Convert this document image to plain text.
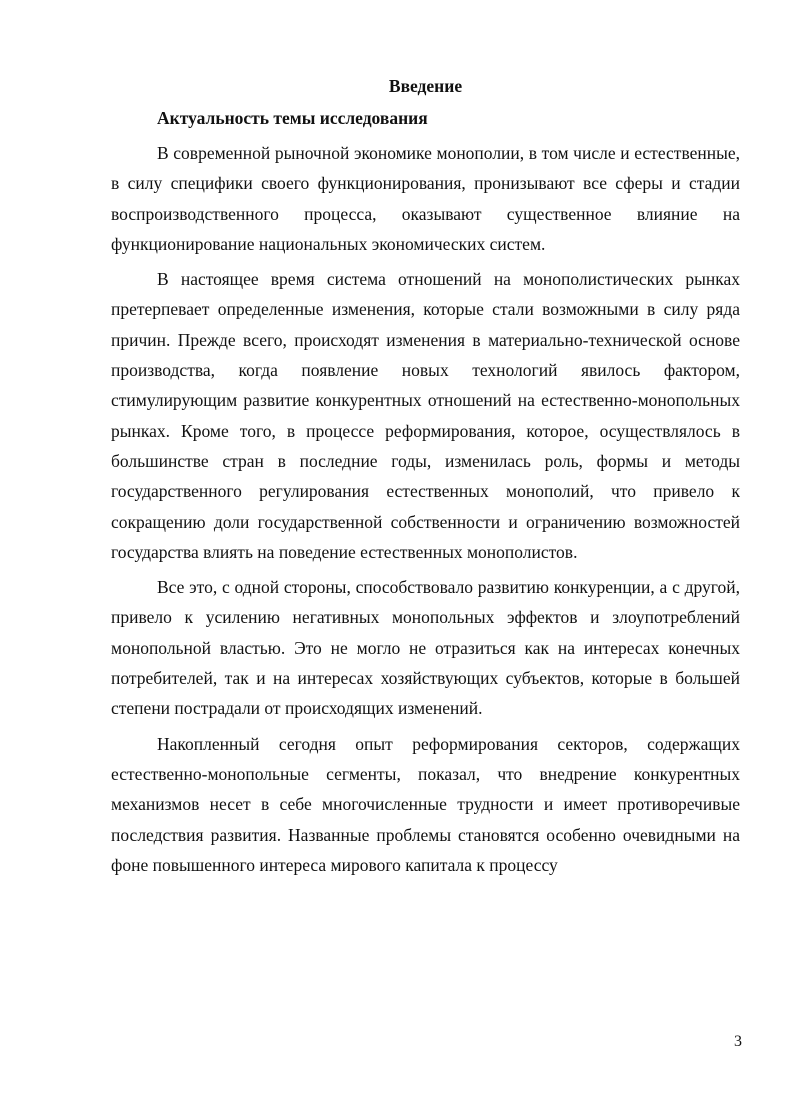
Введение
Актуальность темы исследования

В современной рыночной экономике монополии, в том числе и естественные, в силу специфики своего функционирования, пронизывают все сферы и стадии воспроизводственного процесса, оказывают существенное влияние на функционирование национальных экономических систем.

В настоящее время система отношений на монополистических рынках претерпевает определенные изменения, которые стали возможными в силу ряда причин. Прежде всего, происходят изменения в материально-технической основе производства, когда появление новых технологий явилось фактором, стимулирующим развитие конкурентных отношений на естественно-монопольных рынках. Кроме того, в процессе реформирования, которое, осуществлялось в большинстве стран в последние годы, изменилась роль, формы и методы государственного регулирования естественных монополий, что привело к сокращению доли государственной собственности и ограничению возможностей государства влиять на поведение естественных монополистов.

Все это, с одной стороны, способствовало развитию конкуренции, а с другой, привело к усилению негативных монопольных эффектов и злоупотреблений монопольной властью. Это не могло не отразиться как на интересах конечных потребителей, так и на интересах хозяйствующих субъектов, которые в большей степени пострадали от происходящих изменений.

Накопленный сегодня опыт реформирования секторов, содержащих естественно-монопольные сегменты, показал, что внедрение конкурентных механизмов несет в себе многочисленные трудности и имеет противоречивые последствия развития. Названные проблемы становятся особенно очевидными на фоне повышенного интереса мирового капитала к процессу

3
